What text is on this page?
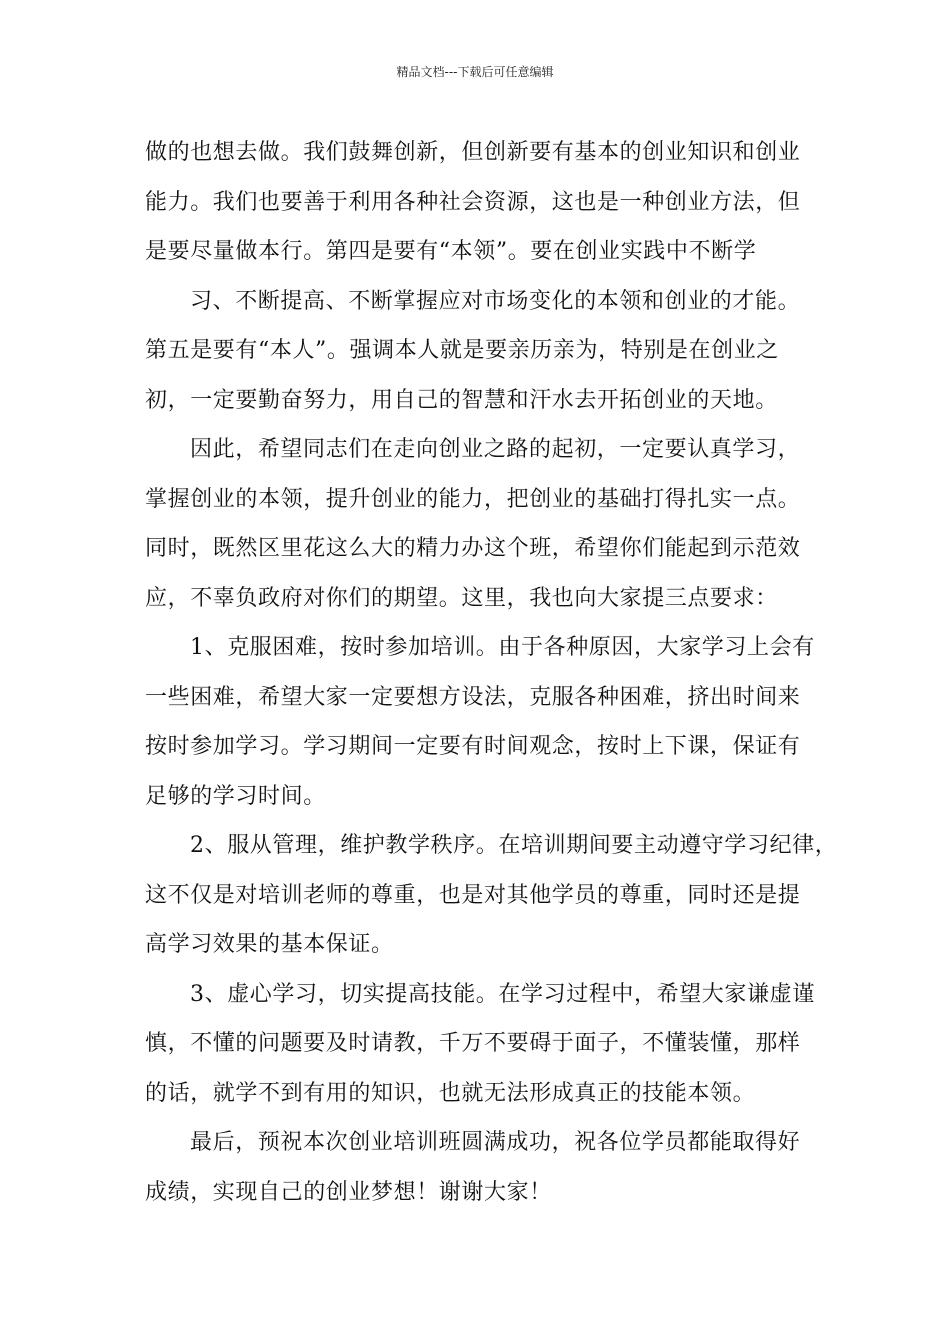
精品文档---下载后可任意编辑
做的也想去做。我们鼓舞创新，但创新要有基本的创业知识和创业
能力。我们也要善于利用各种社会资源，这也是一种创业方法，但
是要尽量做本行。第四是要有“本领”。要在创业实践中不断学
习、不断提高、不断掌握应对市场变化的本领和创业的才能。
第五是要有“本人”。强调本人就是要亲历亲为，特别是在创业之
初，一定要勤奋努力，用自己的智慧和汗水去开拓创业的天地。
因此，希望同志们在走向创业之路的起初，一定要认真学习，
掌握创业的本领，提升创业的能力，把创业的基础打得扎实一点。
同时，既然区里花这么大的精力办这个班，希望你们能起到示范效
应，不辜负政府对你们的期望。这里，我也向大家提三点要求：
1、克服困难，按时参加培训。由于各种原因，大家学习上会有
一些困难，希望大家一定要想方设法，克服各种困难，挤出时间来
按时参加学习。学习期间一定要有时间观念，按时上下课，保证有
足够的学习时间。
2、服从管理，维护教学秩序。在培训期间要主动遵守学习纪律，
这不仅是对培训老师的尊重，也是对其他学员的尊重，同时还是提
高学习效果的基本保证。
3、虚心学习，切实提高技能。在学习过程中，希望大家谦虚谨
慎，不懂的问题要及时请教，千万不要碍于面子，不懂装懂，那样
的话，就学不到有用的知识，也就无法形成真正的技能本领。
最后，预祝本次创业培训班圆满成功，祝各位学员都能取得好
成绩，实现自己的创业梦想！谢谢大家！
